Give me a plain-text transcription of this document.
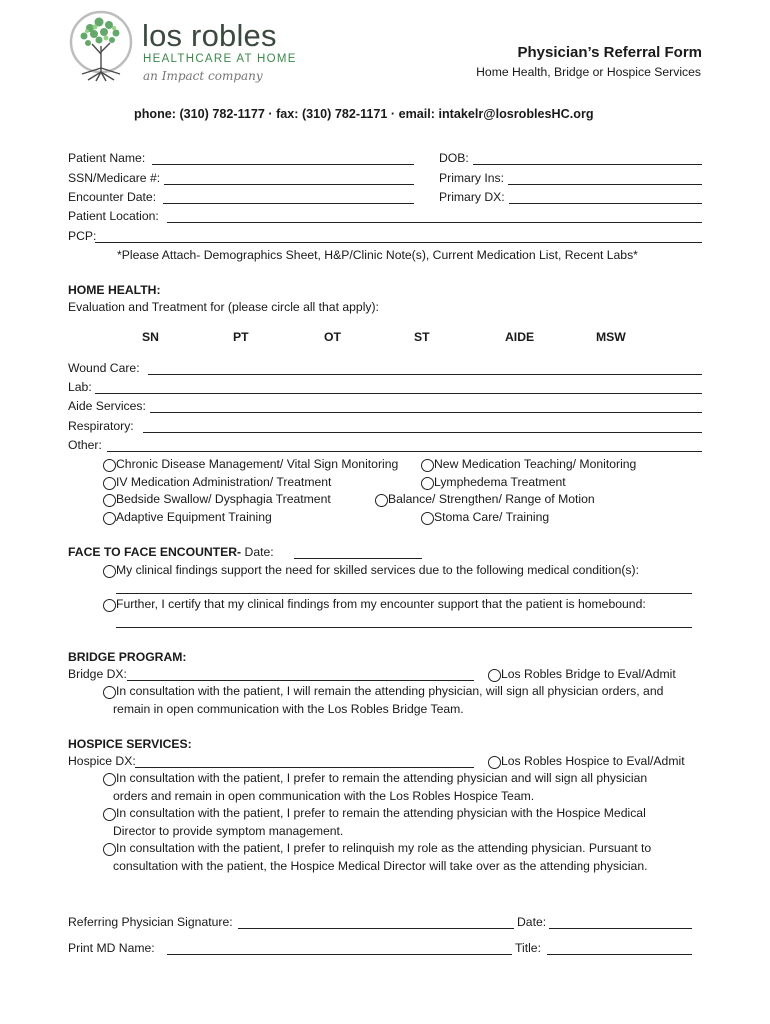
los robles
HEALTHCARE AT HOME
an Impact company
Physician’s Referral Form
Home Health, Bridge or Hospice Services
phone: (310) 782-1177 · fax: (310) 782-1171 · email: intakelr@losroblesHC.org
Patient Name:
SSN/Medicare #:
Encounter Date:
DOB:
Primary Ins:
Primary DX:
Patient Location:
PCP:
*Please Attach- Demographics Sheet, H&P/Clinic Note(s), Current Medication List, Recent Labs*
HOME HEALTH:
Evaluation and Treatment for (please circle all that apply):
SN	PT	OT	ST	AIDE	MSW
Wound Care:
Lab:
Aide Services:
Respiratory:
Other:
Chronic Disease Management/ Vital Sign Monitoring
IV Medication Administration/ Treatment
Bedside Swallow/ Dysphagia Treatment
Adaptive Equipment Training
New Medication Teaching/ Monitoring
Lymphedema Treatment
Balance/ Strengthen/ Range of Motion
Stoma Care/ Training
FACE TO FACE ENCOUNTER- Date:
My clinical findings support the need for skilled services due to the following medical condition(s):
Further, I certify that my clinical findings from my encounter support that the patient is homebound:
BRIDGE PROGRAM:
Bridge DX:	Los Robles Bridge to Eval/Admit
In consultation with the patient, I will remain the attending physician, will sign all physician orders, and
remain in open communication with the Los Robles Bridge Team.
HOSPICE SERVICES:
Hospice DX:	Los Robles Hospice to Eval/Admit
In consultation with the patient, I prefer to remain the attending physician and will sign all physician
orders and remain in open communication with the Los Robles Hospice Team.
In consultation with the patient, I prefer to remain the attending physician with the Hospice Medical
Director to provide symptom management.
In consultation with the patient, I prefer to relinquish my role as the attending physician. Pursuant to
consultation with the patient, the Hospice Medical Director will take over as the attending physician.
Referring Physician Signature:	Date:
Print MD Name:	Title:
